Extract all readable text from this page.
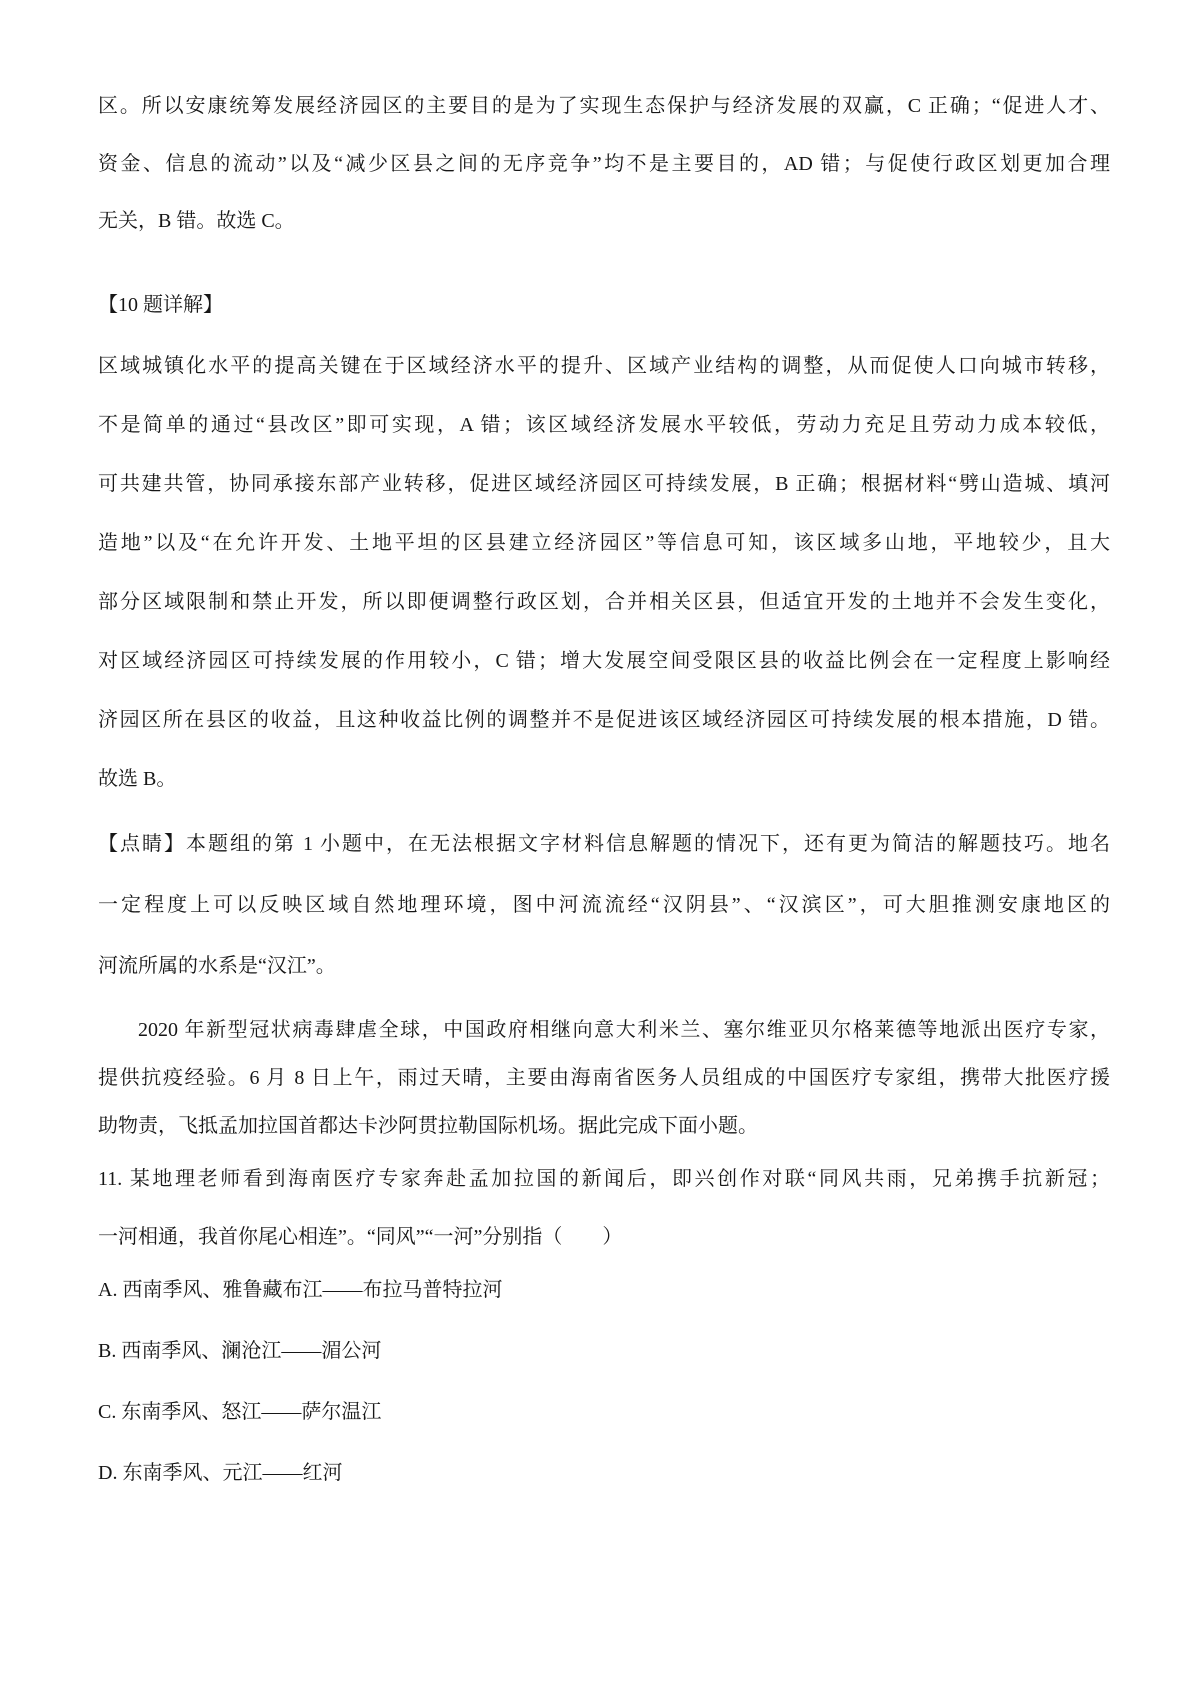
区。所以安康统筹发展经济园区的主要目的是为了实现生态保护与经济发展的双赢，C 正确；“促进人才、
资金、信息的流动”以及“减少区县之间的无序竞争”均不是主要目的，AD 错；与促使行政区划更加合理
无关，B 错。故选 C。
【10 题详解】
区域城镇化水平的提高关键在于区域经济水平的提升、区域产业结构的调整，从而促使人口向城市转移，
不是简单的通过“县改区”即可实现，A 错；该区域经济发展水平较低，劳动力充足且劳动力成本较低，
可共建共管，协同承接东部产业转移，促进区域经济园区可持续发展，B 正确；根据材料“劈山造城、填河
造地”以及“在允许开发、土地平坦的区县建立经济园区”等信息可知，该区域多山地，平地较少，且大
部分区域限制和禁止开发，所以即便调整行政区划，合并相关区县，但适宜开发的土地并不会发生变化，
对区域经济园区可持续发展的作用较小，C 错；增大发展空间受限区县的收益比例会在一定程度上影响经
济园区所在县区的收益，且这种收益比例的调整并不是促进该区域经济园区可持续发展的根本措施，D 错。
故选 B。
【点睛】本题组的第 1 小题中，在无法根据文字材料信息解题的情况下，还有更为简洁的解题技巧。地名
一定程度上可以反映区域自然地理环境，图中河流流经“汉阴县”、“汉滨区”，可大胆推测安康地区的
河流所属的水系是“汉江”。
2020 年新型冠状病毒肆虐全球，中国政府相继向意大利米兰、塞尔维亚贝尔格莱德等地派出医疗专家，
提供抗疫经验。6 月 8 日上午，雨过天晴，主要由海南省医务人员组成的中国医疗专家组，携带大批医疗援
助物责，飞抵孟加拉国首都达卡沙阿贯拉勒国际机场。据此完成下面小题。
11. 某地理老师看到海南医疗专家奔赴孟加拉国的新闻后，即兴创作对联“同风共雨，兄弟携手抗新冠；
一河相通，我首你尾心相连”。“同风”“一河”分别指（　　）
A. 西南季风、雅鲁藏布江——布拉马普特拉河
B. 西南季风、澜沧江——湄公河
C. 东南季风、怒江——萨尔温江
D. 东南季风、元江——红河
